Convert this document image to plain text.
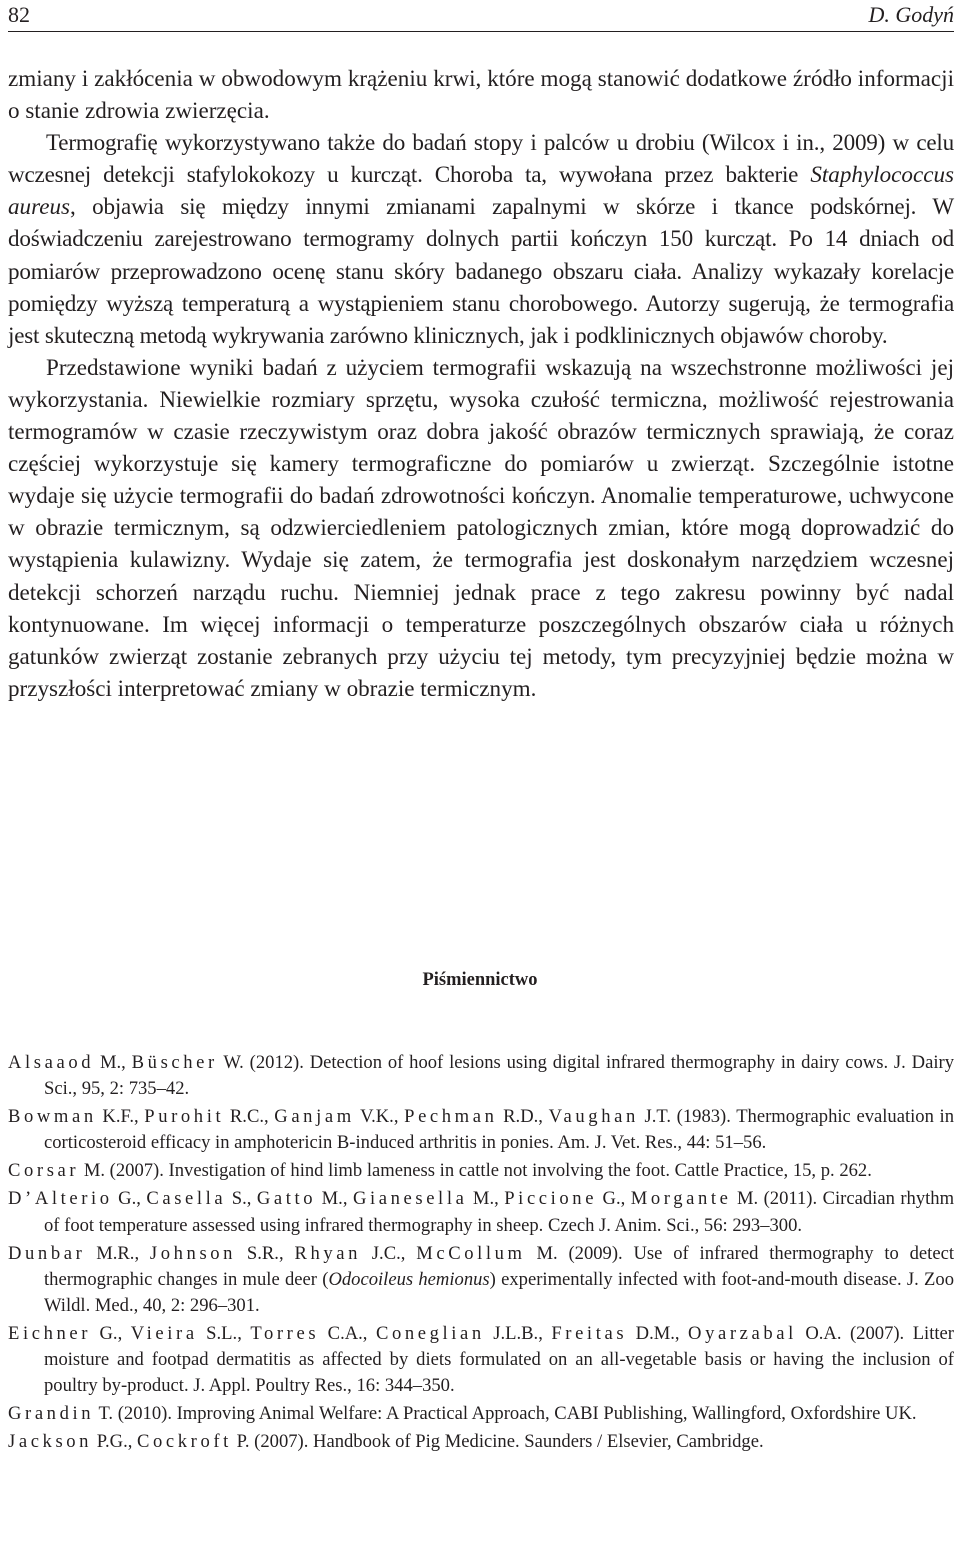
82	D. Godyń

zmiany i zakłócenia w obwodowym krążeniu krwi, które mogą stanowić dodatkowe źródło informacji o stanie zdrowia zwierzęcia.

Termografię wykorzystywano także do badań stopy i palców u drobiu (Wilcox i in., 2009) w celu wczesnej detekcji stafylokokozy u kurcząt. Choroba ta, wywołana przez bakterie Staphylococcus aureus, objawia się między innymi zmianami zapalnymi w skórze i tkance podskórnej. W doświadczeniu zarejestrowano termogramy dolnych partii kończyn 150 kurcząt. Po 14 dniach od pomiarów przeprowadzono ocenę stanu skóry badanego obszaru ciała. Analizy wykazały korelacje pomiędzy wyższą temperaturą a wystąpieniem stanu chorobowego. Autorzy sugerują, że termografia jest skuteczną metodą wykrywania zarówno klinicznych, jak i podklinicznych objawów choroby.

Przedstawione wyniki badań z użyciem termografii wskazują na wszechstronne możliwości jej wykorzystania. Niewielkie rozmiary sprzętu, wysoka czułość termiczna, możliwość rejestrowania termogramów w czasie rzeczywistym oraz dobra jakość obrazów termicznych sprawiają, że coraz częściej wykorzystuje się kamery termograficzne do pomiarów u zwierząt. Szczególnie istotne wydaje się użycie termografii do badań zdrowotności kończyn. Anomalie temperaturowe, uchwycone w obrazie termicznym, są odzwierciedleniem patologicznych zmian, które mogą doprowadzić do wystąpienia kulawizny. Wydaje się zatem, że termografia jest doskonałym narzędziem wczesnej detekcji schorzeń narządu ruchu. Niemniej jednak prace z tego zakresu powinny być nadal kontynuowane. Im więcej informacji o temperaturze poszczególnych obszarów ciała u różnych gatunków zwierząt zostanie zebranych przy użyciu tej metody, tym precyzyjniej będzie można w przyszłości interpretować zmiany w obrazie termicznym.

Piśmiennictwo

Alsaaod M., Büscher W. (2012). Detection of hoof lesions using digital infrared thermography in dairy cows. J. Dairy Sci., 95, 2: 735–42.

Bowman K.F., Purohit R.C., Ganjam V.K., Pechman R.D., Vaughan J.T. (1983). Thermographic evaluation in corticosteroid efficacy in amphotericin B-induced arthritis in ponies. Am. J. Vet. Res., 44: 51–56.

Corsar M. (2007). Investigation of hind limb lameness in cattle not involving the foot. Cattle Practice, 15, p. 262.

D’Alterio G., Casella S., Gatto M., Gianesella M., Piccione G., Morgante M. (2011). Circadian rhythm of foot temperature assessed using infrared thermography in sheep. Czech J. Anim. Sci., 56: 293–300.

Dunbar M.R., Johnson S.R., Rhyan J.C., McCollum M. (2009). Use of infrared thermography to detect thermographic changes in mule deer (Odocoileus hemionus) experimentally infected with foot-and-mouth disease. J. Zoo Wildl. Med., 40, 2: 296–301.

Eichner G., Vieira S.L., Torres C.A., Coneglian J.L.B., Freitas D.M., Oyarzabal O.A. (2007). Litter moisture and footpad dermatitis as affected by diets formulated on an all-vegetable basis or having the inclusion of poultry by-product. J. Appl. Poultry Res., 16: 344–350.

Grandin T. (2010). Improving Animal Welfare: A Practical Approach, CABI Publishing, Wallingford, Oxfordshire UK.

Jackson P.G., Cockroft P. (2007). Handbook of Pig Medicine. Saunders / Elsevier, Cambridge.
